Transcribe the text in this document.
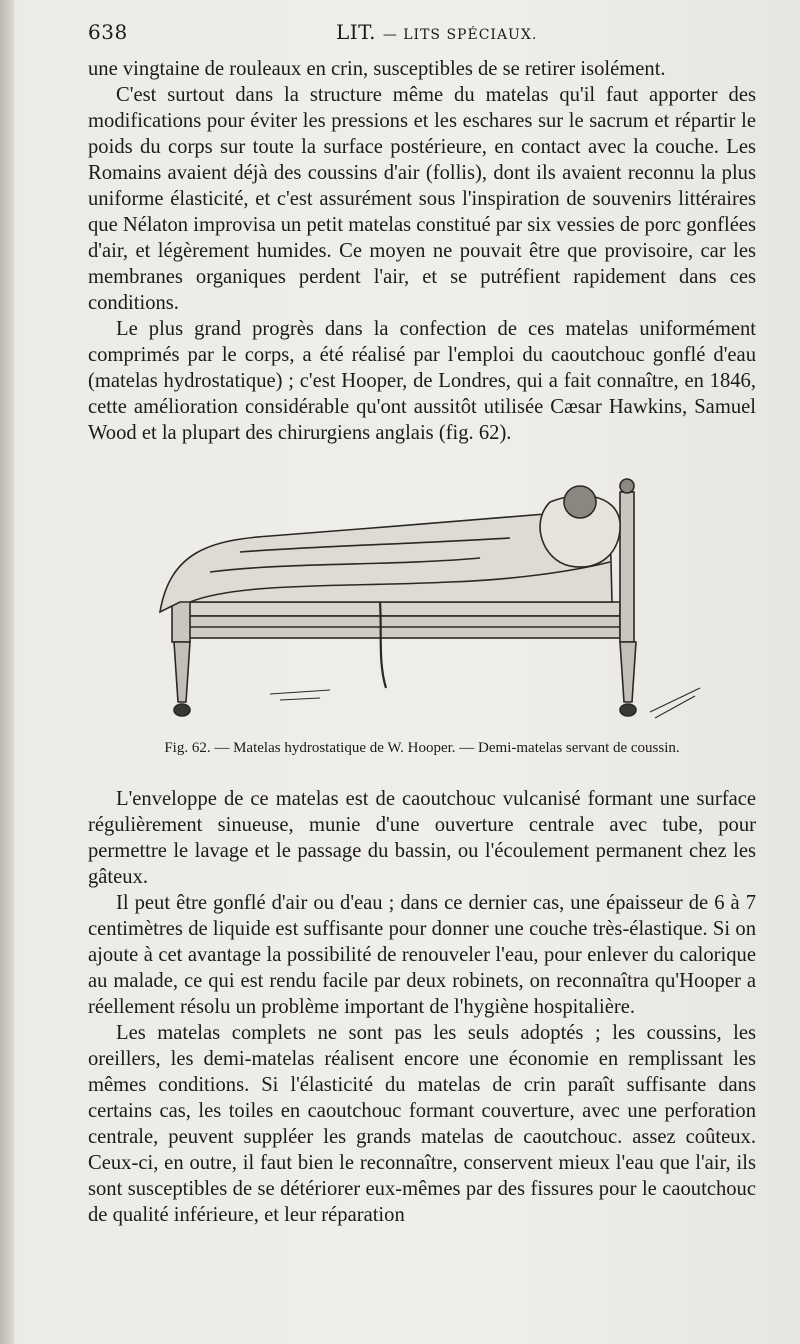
638	LIT. — LITS SPÉCIAUX.

une vingtaine de rouleaux en crin, susceptibles de se retirer isolément.

C'est surtout dans la structure même du matelas qu'il faut apporter des modifications pour éviter les pressions et les eschares sur le sacrum et répartir le poids du corps sur toute la surface postérieure, en contact avec la couche. Les Romains avaient déjà des coussins d'air (follis), dont ils avaient reconnu la plus uniforme élasticité, et c'est assurément sous l'inspiration de souvenirs littéraires que Nélaton improvisa un petit matelas constitué par six vessies de porc gonflées d'air, et légèrement humides. Ce moyen ne pouvait être que provisoire, car les membranes organiques perdent l'air, et se putréfient rapidement dans ces conditions.

Le plus grand progrès dans la confection de ces matelas uniformément comprimés par le corps, a été réalisé par l'emploi du caoutchouc gonflé d'eau (matelas hydrostatique) ; c'est Hooper, de Londres, qui a fait connaître, en 1846, cette amélioration considérable qu'ont aussitôt utilisée Cæsar Hawkins, Samuel Wood et la plupart des chirurgiens anglais (fig. 62).

Fig. 62. — Matelas hydrostatique de W. Hooper. — Demi-matelas servant de coussin.

L'enveloppe de ce matelas est de caoutchouc vulcanisé formant une surface régulièrement sinueuse, munie d'une ouverture centrale avec tube, pour permettre le lavage et le passage du bassin, ou l'écoulement permanent chez les gâteux.

Il peut être gonflé d'air ou d'eau ; dans ce dernier cas, une épaisseur de 6 à 7 centimètres de liquide est suffisante pour donner une couche très-élastique. Si on ajoute à cet avantage la possibilité de renouveler l'eau, pour enlever du calorique au malade, ce qui est rendu facile par deux robinets, on reconnaîtra qu'Hooper a réellement résolu un problème important de l'hygiène hospitalière.

Les matelas complets ne sont pas les seuls adoptés ; les coussins, les oreillers, les demi-matelas réalisent encore une économie en remplissant les mêmes conditions. Si l'élasticité du matelas de crin paraît suffisante dans certains cas, les toiles en caoutchouc formant couverture, avec une perforation centrale, peuvent suppléer les grands matelas de caoutchouc. assez coûteux. Ceux-ci, en outre, il faut bien le reconnaître, conservent mieux l'eau que l'air, ils sont susceptibles de se détériorer eux-mêmes par des fissures pour le caoutchouc de qualité inférieure, et leur réparation
